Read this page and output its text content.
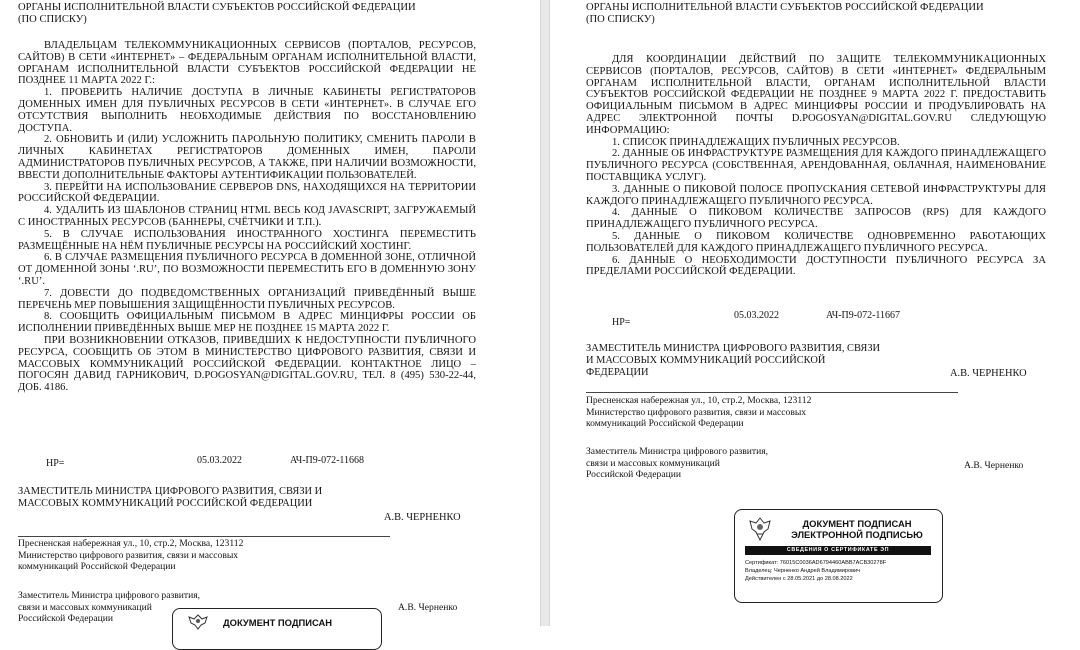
ОРГАНЫ ИСПОЛНИТЕЛЬНОЙ ВЛАСТИ СУБЪЕКТОВ РОССИЙСКОЙ ФЕДЕРАЦИИ
(ПО СПИСКУ)

ВЛАДЕЛЬЦАМ ТЕЛЕКОММУНИКАЦИОННЫХ СЕРВИСОВ (ПОРТАЛОВ, РЕСУРСОВ, САЙТОВ) В СЕТИ «ИНТЕРНЕТ» – ФЕДЕРАЛЬНЫМ ОРГАНАМ ИСПОЛНИТЕЛЬНОЙ ВЛАСТИ, ОРГАНАМ ИСПОЛНИТЕЛЬНОЙ ВЛАСТИ СУБЪЕКТОВ РОССИЙСКОЙ ФЕДЕРАЦИИ НЕ ПОЗДНЕЕ 11 МАРТА 2022 Г.:

1. ПРОВЕРИТЬ НАЛИЧИЕ ДОСТУПА В ЛИЧНЫЕ КАБИНЕТЫ РЕГИСТРАТОРОВ ДОМЕННЫХ ИМЕН ДЛЯ ПУБЛИЧНЫХ РЕСУРСОВ В СЕТИ «ИНТЕРНЕТ». В СЛУЧАЕ ЕГО ОТСУТСТВИЯ ВЫПОЛНИТЬ НЕОБХОДИМЫЕ ДЕЙСТВИЯ ПО ВОССТАНОВЛЕНИЮ ДОСТУПА.

2. ОБНОВИТЬ И (ИЛИ) УСЛОЖНИТЬ ПАРОЛЬНУЮ ПОЛИТИКУ, СМЕНИТЬ ПАРОЛИ В ЛИЧНЫХ КАБИНЕТАХ РЕГИСТРАТОРОВ ДОМЕННЫХ ИМЕН, ПАРОЛИ АДМИНИСТРАТОРОВ ПУБЛИЧНЫХ РЕСУРСОВ, А ТАКЖЕ, ПРИ НАЛИЧИИ ВОЗМОЖНОСТИ, ВВЕСТИ ДОПОЛНИТЕЛЬНЫЕ ФАКТОРЫ АУТЕНТИФИКАЦИИ ПОЛЬЗОВАТЕЛЕЙ.

3. ПЕРЕЙТИ НА ИСПОЛЬЗОВАНИЕ СЕРВЕРОВ DNS, НАХОДЯЩИХСЯ НА ТЕРРИТОРИИ РОССИЙСКОЙ ФЕДЕРАЦИИ.

4. УДАЛИТЬ ИЗ ШАБЛОНОВ СТРАНИЦ HTML ВЕСЬ КОД JAVASCRIPT, ЗАГРУЖАЕМЫЙ С ИНОСТРАННЫХ РЕСУРСОВ (БАННЕРЫ, СЧЁТЧИКИ И Т.П.).

5. В СЛУЧАЕ ИСПОЛЬЗОВАНИЯ ИНОСТРАННОГО ХОСТИНГА ПЕРЕМЕСТИТЬ РАЗМЕЩЁННЫЕ НА НЁМ ПУБЛИЧНЫЕ РЕСУРСЫ НА РОССИЙСКИЙ ХОСТИНГ.

6. В СЛУЧАЕ РАЗМЕЩЕНИЯ ПУБЛИЧНОГО РЕСУРСА В ДОМЕННОЙ ЗОНЕ, ОТЛИЧНОЙ ОТ ДОМЕННОЙ ЗОНЫ ‘.RU’, ПО ВОЗМОЖНОСТИ ПЕРЕМЕСТИТЬ ЕГО В ДОМЕННУЮ ЗОНУ ‘.RU’.

7. ДОВЕСТИ ДО ПОДВЕДОМСТВЕННЫХ ОРГАНИЗАЦИЙ ПРИВЕДЁННЫЙ ВЫШЕ ПЕРЕЧЕНЬ МЕР ПОВЫШЕНИЯ ЗАЩИЩЁННОСТИ ПУБЛИЧНЫХ РЕСУРСОВ.

8. СООБЩИТЬ ОФИЦИАЛЬНЫМ ПИСЬМОМ В АДРЕС МИНЦИФРЫ РОССИИ ОБ ИСПОЛНЕНИИ ПРИВЕДЁННЫХ ВЫШЕ МЕР НЕ ПОЗДНЕЕ 15 МАРТА 2022 Г.

ПРИ ВОЗНИКНОВЕНИИ ОТКАЗОВ, ПРИВЕДШИХ К НЕДОСТУПНОСТИ ПУБЛИЧНОГО РЕСУРСА, СООБЩИТЬ ОБ ЭТОМ В МИНИСТЕРСТВО ЦИФРОВОГО РАЗВИТИЯ, СВЯЗИ И МАССОВЫХ КОММУНИКАЦИЙ РОССИЙСКОЙ ФЕДЕРАЦИИ. КОНТАКТНОЕ ЛИЦО – ПОГОСЯН ДАВИД ГАРНИКОВИЧ, D.POGOSYAN@DIGITAL.GOV.RU, ТЕЛ. 8 (495) 530-22-44, ДОБ. 4186.

НР=	05.03.2022	АЧ-П9-072-11668
ЗАМЕСТИТЕЛЬ МИНИСТРА ЦИФРОВОГО РАЗВИТИЯ, СВЯЗИ И МАССОВЫХ КОММУНИКАЦИЙ РОССИЙСКОЙ ФЕДЕРАЦИИ
А.В. ЧЕРНЕНКО
Пресненская набережная ул., 10, стр.2, Москва, 123112
Министерство цифрового развития, связи и массовых
коммуникаций Российской Федерации
Заместитель Министра цифрового развития,
связи и массовых коммуникаций
Российской Федерации
А.В. Черненко
ДОКУМЕНТ ПОДПИСАН
ОРГАНЫ ИСПОЛНИТЕЛЬНОЙ ВЛАСТИ СУБЪЕКТОВ РОССИЙСКОЙ ФЕДЕРАЦИИ
(ПО СПИСКУ)

ДЛЯ КООРДИНАЦИИ ДЕЙСТВИЙ ПО ЗАЩИТЕ ТЕЛЕКОММУНИКАЦИОННЫХ СЕРВИСОВ (ПОРТАЛОВ, РЕСУРСОВ, САЙТОВ) В СЕТИ «ИНТЕРНЕТ» ФЕДЕРАЛЬНЫМ ОРГАНАМ ИСПОЛНИТЕЛЬНОЙ ВЛАСТИ, ОРГАНАМ ИСПОЛНИТЕЛЬНОЙ ВЛАСТИ СУБЪЕКТОВ РОССИЙСКОЙ ФЕДЕРАЦИИ НЕ ПОЗДНЕЕ 9 МАРТА 2022 Г. ПРЕДОСТАВИТЬ ОФИЦИАЛЬНЫМ ПИСЬМОМ В АДРЕС МИНЦИФРЫ РОССИИ И ПРОДУБЛИРОВАТЬ НА АДРЕС ЭЛЕКТРОННОЙ ПОЧТЫ D.POGOSYAN@DIGITAL.GOV.RU СЛЕДУЮЩУЮ ИНФОРМАЦИЮ:

1. СПИСОК ПРИНАДЛЕЖАЩИХ ПУБЛИЧНЫХ РЕСУРСОВ.

2. ДАННЫЕ ОБ ИНФРАСТРУКТУРЕ РАЗМЕЩЕНИЯ ДЛЯ КАЖДОГО ПРИНАДЛЕЖАЩЕГО ПУБЛИЧНОГО РЕСУРСА (СОБСТВЕННАЯ, АРЕНДОВАННАЯ, ОБЛАЧНАЯ, НАИМЕНОВАНИЕ ПОСТАВЩИКА УСЛУГ).

3. ДАННЫЕ О ПИКОВОЙ ПОЛОСЕ ПРОПУСКАНИЯ СЕТЕВОЙ ИНФРАСТРУКТУРЫ ДЛЯ КАЖДОГО ПРИНАДЛЕЖАЩЕГО ПУБЛИЧНОГО РЕСУРСА.

4. ДАННЫЕ О ПИКОВОМ КОЛИЧЕСТВЕ ЗАПРОСОВ (RPS) ДЛЯ КАЖДОГО ПРИНАДЛЕЖАЩЕГО ПУБЛИЧНОГО РЕСУРСА.

5. ДАННЫЕ О ПИКОВОМ КОЛИЧЕСТВЕ ОДНОВРЕМЕННО РАБОТАЮЩИХ ПОЛЬЗОВАТЕЛЕЙ ДЛЯ КАЖДОГО ПРИНАДЛЕЖАЩЕГО ПУБЛИЧНОГО РЕСУРСА.

6. ДАННЫЕ О НЕОБХОДИМОСТИ ДОСТУПНОСТИ ПУБЛИЧНОГО РЕСУРСА ЗА ПРЕДЕЛАМИ РОССИЙСКОЙ ФЕДЕРАЦИИ.

НР=
05.03.2022	АЧ-П9-072-11667
ЗАМЕСТИТЕЛЬ МИНИСТРА ЦИФРОВОГО РАЗВИТИЯ, СВЯЗИ И МАССОВЫХ КОММУНИКАЦИЙ РОССИЙСКОЙ ФЕДЕРАЦИИ	А.В. ЧЕРНЕНКО
Пресненская набережная ул., 10, стр.2, Москва, 123112
Министерство цифрового развития, связи и массовых
коммуникаций Российской Федерации
Заместитель Министра цифрового развития,
связи и массовых коммуникаций
Российской Федерации
А.В. Черненко
ДОКУМЕНТ ПОДПИСАН
ЭЛЕКТРОННОЙ ПОДПИСЬЮ
СВЕДЕНИЯ О СЕРТИФИКАТЕ ЭП
Сертификат: 76015C0036AD6794460ABB7ACB30278F
Владелец: Черненко Андрей Владимирович
Действителен с 28.05.2021 до 28.08.2022
